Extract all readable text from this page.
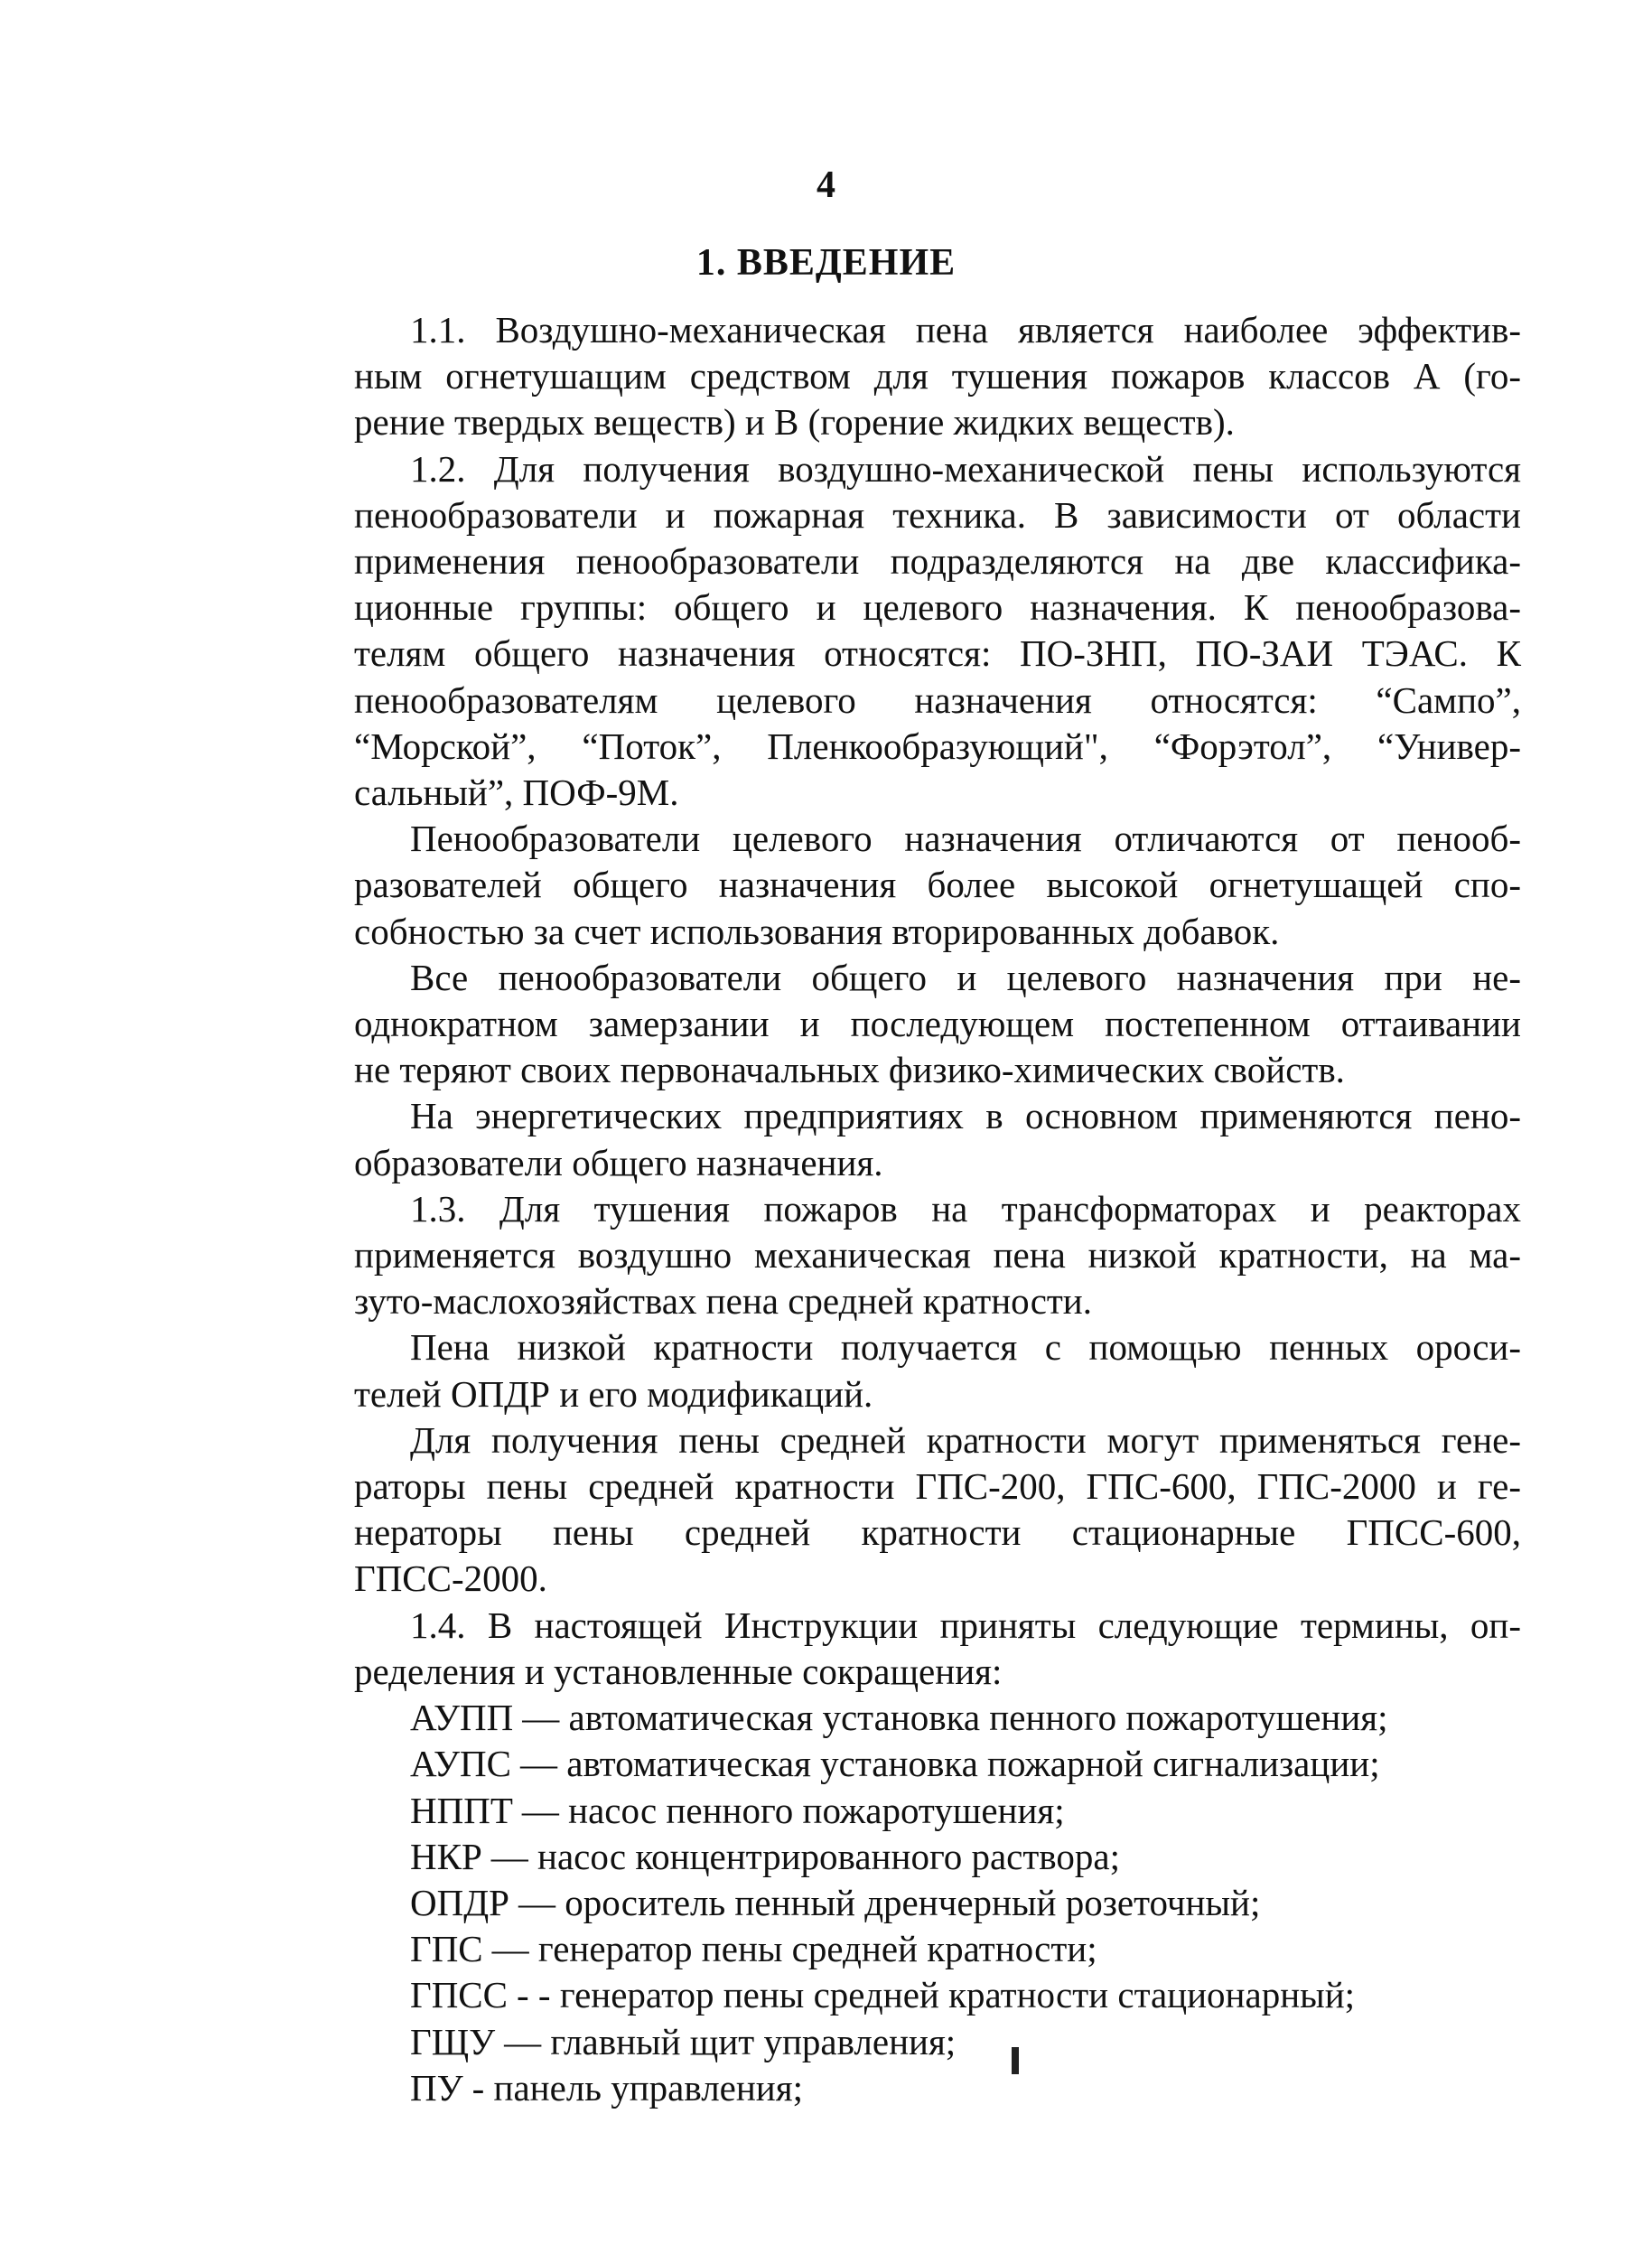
4
1. ВВЕДЕНИЕ

1.1. Воздушно-механическая пена является наиболее эффектив-
ным огнетушащим средством для тушения пожаров классов А (го-
рение твердых веществ) и В (горение жидких веществ).

1.2. Для получения воздушно-механической пены используются
пенообразователи и пожарная техника. В зависимости от области
применения пенообразователи подразделяются на две классифика-
ционные группы: общего и целевого назначения. К пенообразова-
телям общего назначения относятся: ПО-ЗНП, ПО-ЗАИ ТЭАС. К
пенообразователям целевого назначения относятся: “Сампо”,
“Морской”, “Поток”, Пленкообразующий", “Форэтол”, “Универ-
сальный”, ПОФ-9М.

Пенообразователи целевого назначения отличаются от пенооб-
разователей общего назначения более высокой огнетушащей спо-
собностью за счет использования вторированных добавок.

Все пенообразователи общего и целевого назначения при не-
однократном замерзании и последующем постепенном оттаивании
не теряют своих первоначальных физико-химических свойств.

На энергетических предприятиях в основном применяются пено-
образователи общего назначения.

1.3. Для тушения пожаров на трансформаторах и реакторах
применяется воздушно механическая пена низкой кратности, на ма-
зуто-маслохозяйствах пена средней кратности.

Пена низкой кратности получается с помощью пенных ороси-
телей ОПДР и его модификаций.

Для получения пены средней кратности могут применяться гене-
раторы пены средней кратности ГПС-200, ГПС-600, ГПС-2000 и ге-
нераторы пены средней кратности стационарные ГПСС-600,
ГПСС-2000.

1.4. В настоящей Инструкции приняты следующие термины, оп-
ределения и установленные сокращения:

АУПП — автоматическая установка пенного пожаротушения;
АУПС — автоматическая установка пожарной сигнализации;
НППТ — насос пенного пожаротушения;
НКР — насос концентрированного раствора;
ОПДР — ороситель пенный дренчерный розеточный;
ГПС — генератор пены средней кратности;
ГПСС - - генератор пены средней кратности стационарный;
ГЩУ — главный щит управления;
ПУ - панель управления;
